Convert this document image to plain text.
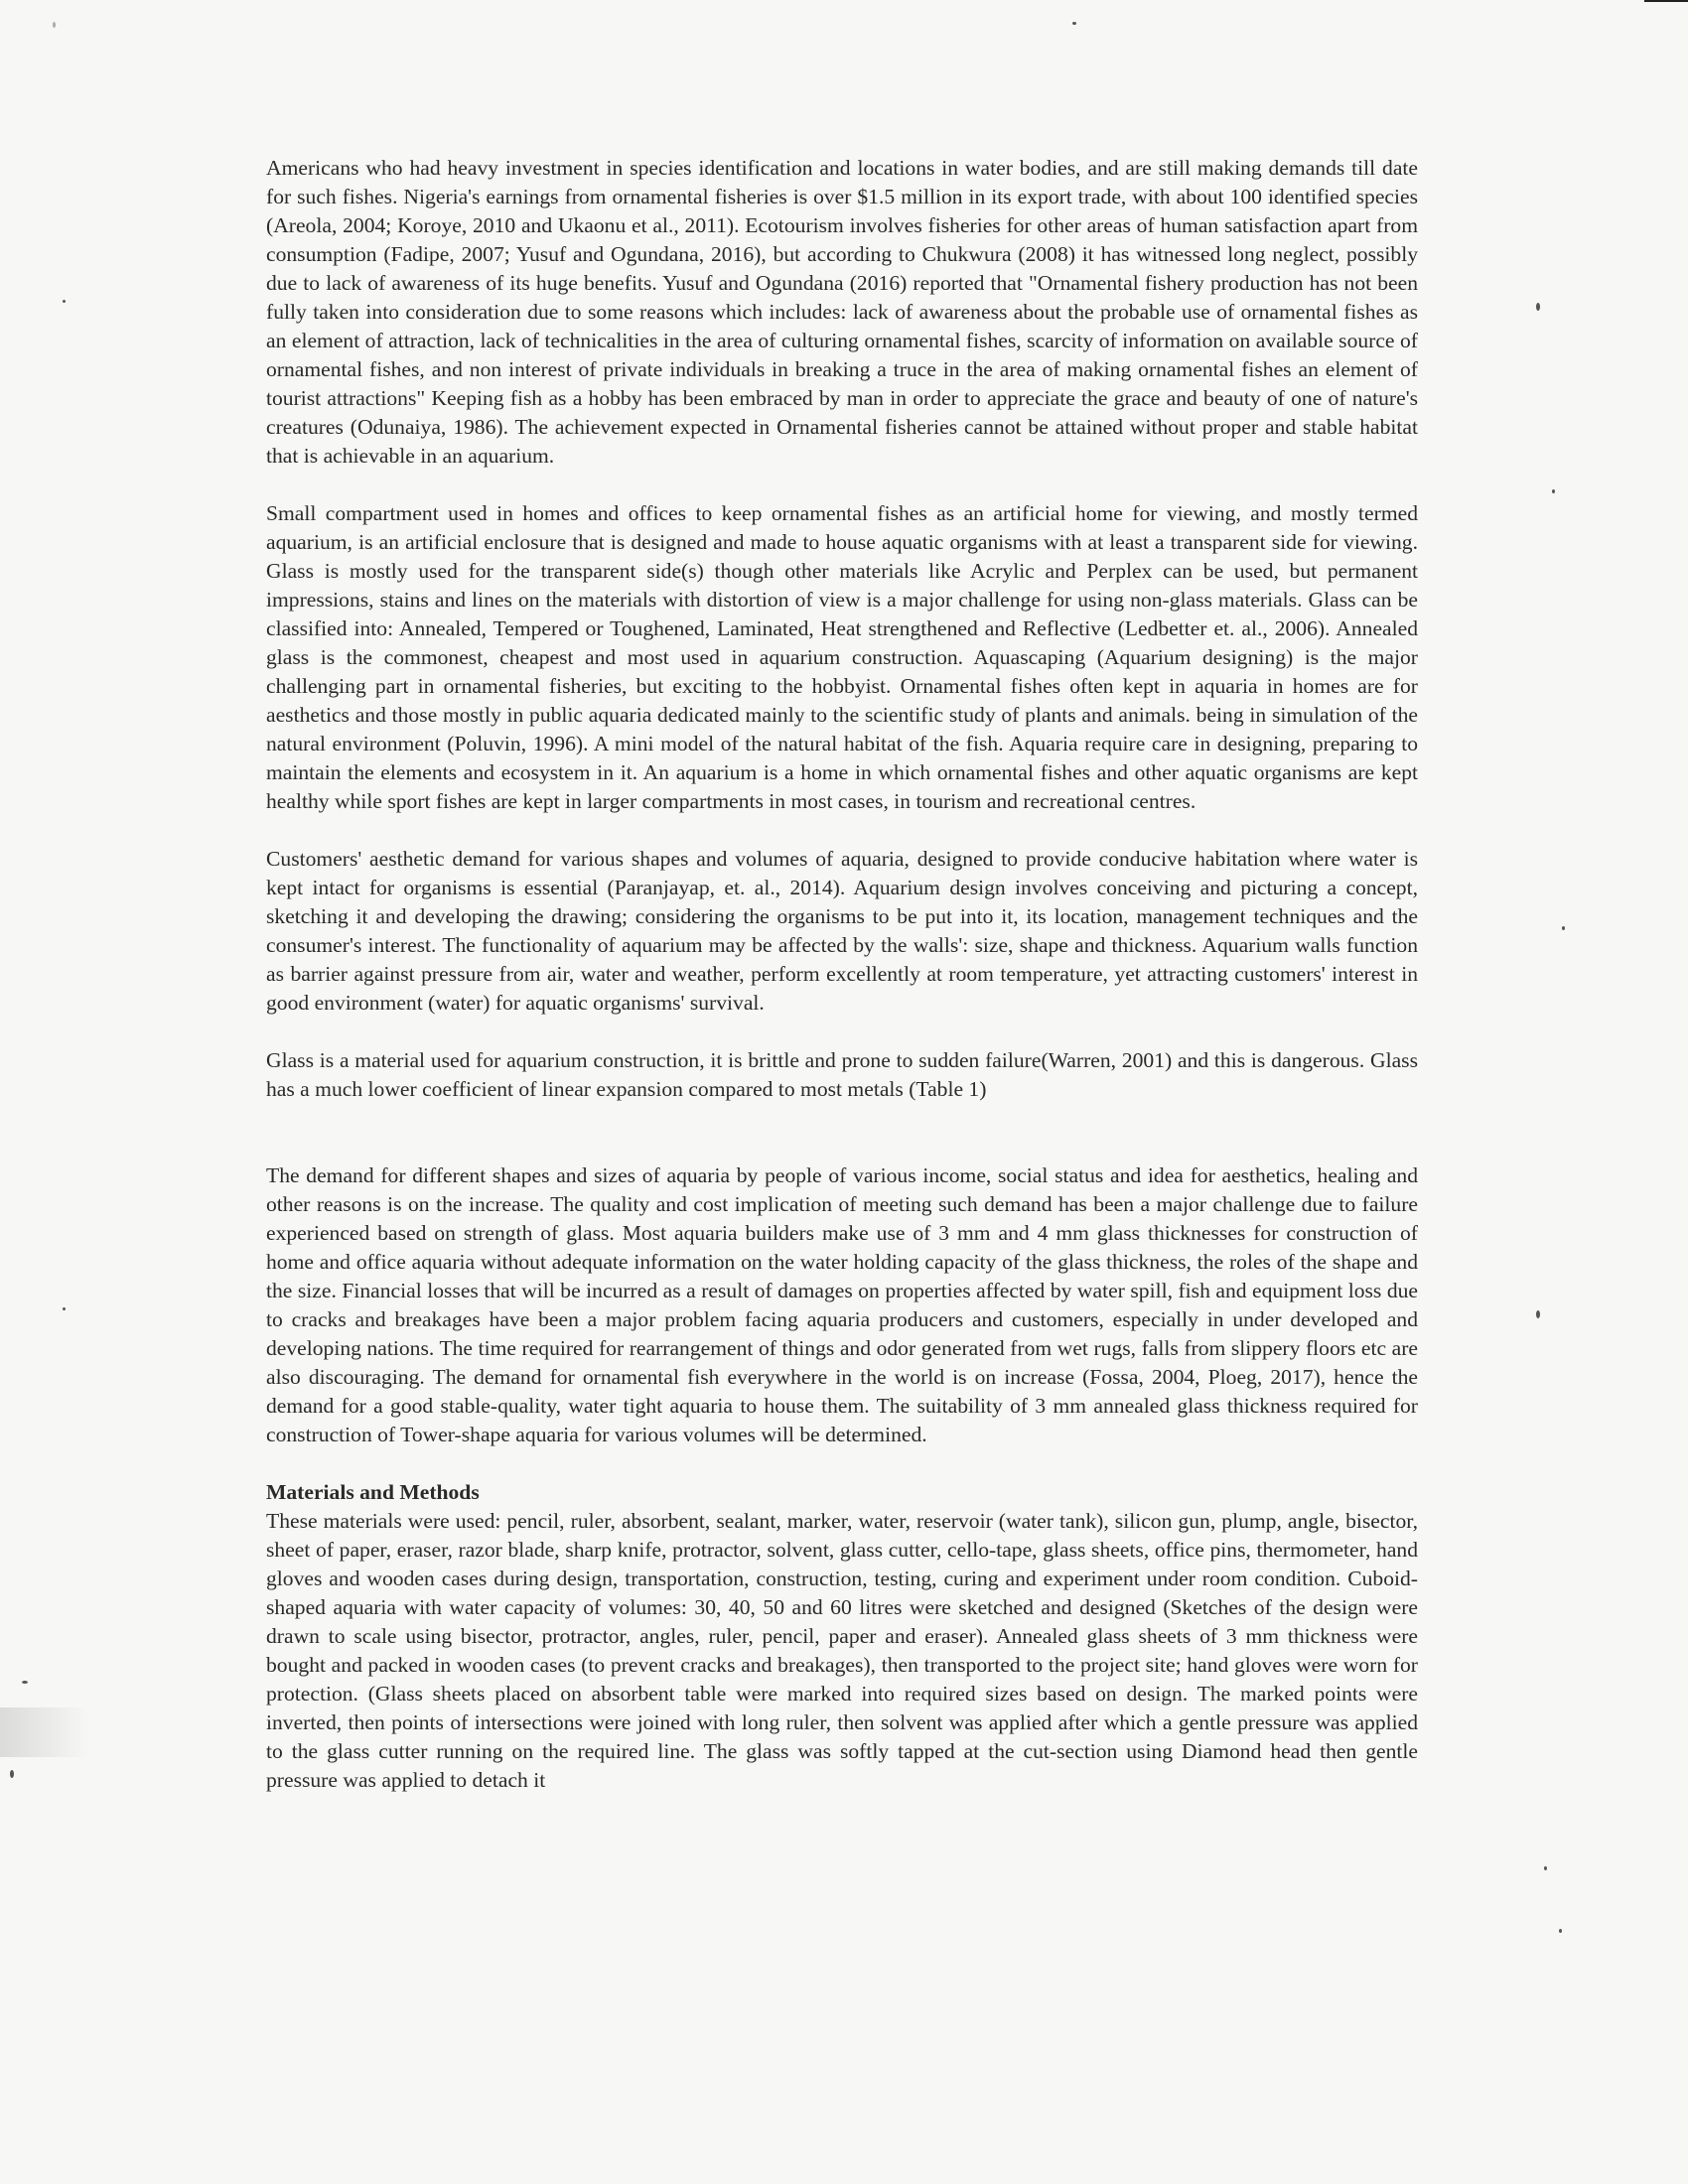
Americans who had heavy investment in species identification and locations in water bodies, and are still making demands till date for such fishes. Nigeria's earnings from ornamental fisheries is over $1.5 million in its export trade, with about 100 identified species (Areola, 2004; Koroye, 2010 and Ukaonu et al., 2011). Ecotourism involves fisheries for other areas of human satisfaction apart from consumption (Fadipe, 2007; Yusuf and Ogundana, 2016), but according to Chukwura (2008) it has witnessed long neglect, possibly due to lack of awareness of its huge benefits. Yusuf and Ogundana (2016) reported that "Ornamental fishery production has not been fully taken into consideration due to some reasons which includes: lack of awareness about the probable use of ornamental fishes as an element of attraction, lack of technicalities in the area of culturing ornamental fishes, scarcity of information on available source of ornamental fishes, and non interest of private individuals in breaking a truce in the area of making ornamental fishes an element of tourist attractions" Keeping fish as a hobby has been embraced by man in order to appreciate the grace and beauty of one of nature's creatures (Odunaiya, 1986). The achievement expected in Ornamental fisheries cannot be attained without proper and stable habitat that is achievable in an aquarium.

Small compartment used in homes and offices to keep ornamental fishes as an artificial home for viewing, and mostly termed aquarium, is an artificial enclosure that is designed and made to house aquatic organisms with at least a transparent side for viewing. Glass is mostly used for the transparent side(s) though other materials like Acrylic and Perplex can be used, but permanent impressions, stains and lines on the materials with distortion of view is a major challenge for using non-glass materials. Glass can be classified into: Annealed, Tempered or Toughened, Laminated, Heat strengthened and Reflective (Ledbetter et. al., 2006). Annealed glass is the commonest, cheapest and most used in aquarium construction. Aquascaping (Aquarium designing) is the major challenging part in ornamental fisheries, but exciting to the hobbyist. Ornamental fishes often kept in aquaria in homes are for aesthetics and those mostly in public aquaria dedicated mainly to the scientific study of plants and animals. being in simulation of the natural environment (Poluvin, 1996). A mini model of the natural habitat of the fish. Aquaria require care in designing, preparing to maintain the elements and ecosystem in it. An aquarium is a home in which ornamental fishes and other aquatic organisms are kept healthy while sport fishes are kept in larger compartments in most cases, in tourism and recreational centres.

Customers' aesthetic demand for various shapes and volumes of aquaria, designed to provide conducive habitation where water is kept intact for organisms is essential (Paranjayap, et. al., 2014). Aquarium design involves conceiving and picturing a concept, sketching it and developing the drawing; considering the organisms to be put into it, its location, management techniques and the consumer's interest. The functionality of aquarium may be affected by the walls': size, shape and thickness. Aquarium walls function as barrier against pressure from air, water and weather, perform excellently at room temperature, yet attracting customers' interest in good environment (water) for aquatic organisms' survival.

Glass is a material used for aquarium construction, it is brittle and prone to sudden failure(Warren, 2001) and this is dangerous. Glass has a much lower coefficient of linear expansion compared to most metals (Table 1)

The demand for different shapes and sizes of aquaria by people of various income, social status and idea for aesthetics, healing and other reasons is on the increase. The quality and cost implication of meeting such demand has been a major challenge due to failure experienced based on strength of glass. Most aquaria builders make use of 3 mm and 4 mm glass thicknesses for construction of home and office aquaria without adequate information on the water holding capacity of the glass thickness, the roles of the shape and the size. Financial losses that will be incurred as a result of damages on properties affected by water spill, fish and equipment loss due to cracks and breakages have been a major problem facing aquaria producers and customers, especially in under developed and developing nations. The time required for rearrangement of things and odor generated from wet rugs, falls from slippery floors etc are also discouraging. The demand for ornamental fish everywhere in the world is on increase (Fossa, 2004, Ploeg, 2017), hence the demand for a good stable-quality, water tight aquaria to house them. The suitability of 3 mm annealed glass thickness required for construction of Tower-shape aquaria for various volumes will be determined.

Materials and Methods

These materials were used: pencil, ruler, absorbent, sealant, marker, water, reservoir (water tank), silicon gun, plump, angle, bisector, sheet of paper, eraser, razor blade, sharp knife, protractor, solvent, glass cutter, cello-tape, glass sheets, office pins, thermometer, hand gloves and wooden cases during design, transportation, construction, testing, curing and experiment under room condition. Cuboid-shaped aquaria with water capacity of volumes: 30, 40, 50 and 60 litres were sketched and designed (Sketches of the design were drawn to scale using bisector, protractor, angles, ruler, pencil, paper and eraser). Annealed glass sheets of 3 mm thickness were bought and packed in wooden cases (to prevent cracks and breakages), then transported to the project site; hand gloves were worn for protection. (Glass sheets placed on absorbent table were marked into required sizes based on design. The marked points were inverted, then points of intersections were joined with long ruler, then solvent was applied after which a gentle pressure was applied to the glass cutter running on the required line. The glass was softly tapped at the cut-section using Diamond head then gentle pressure was applied to detach it
